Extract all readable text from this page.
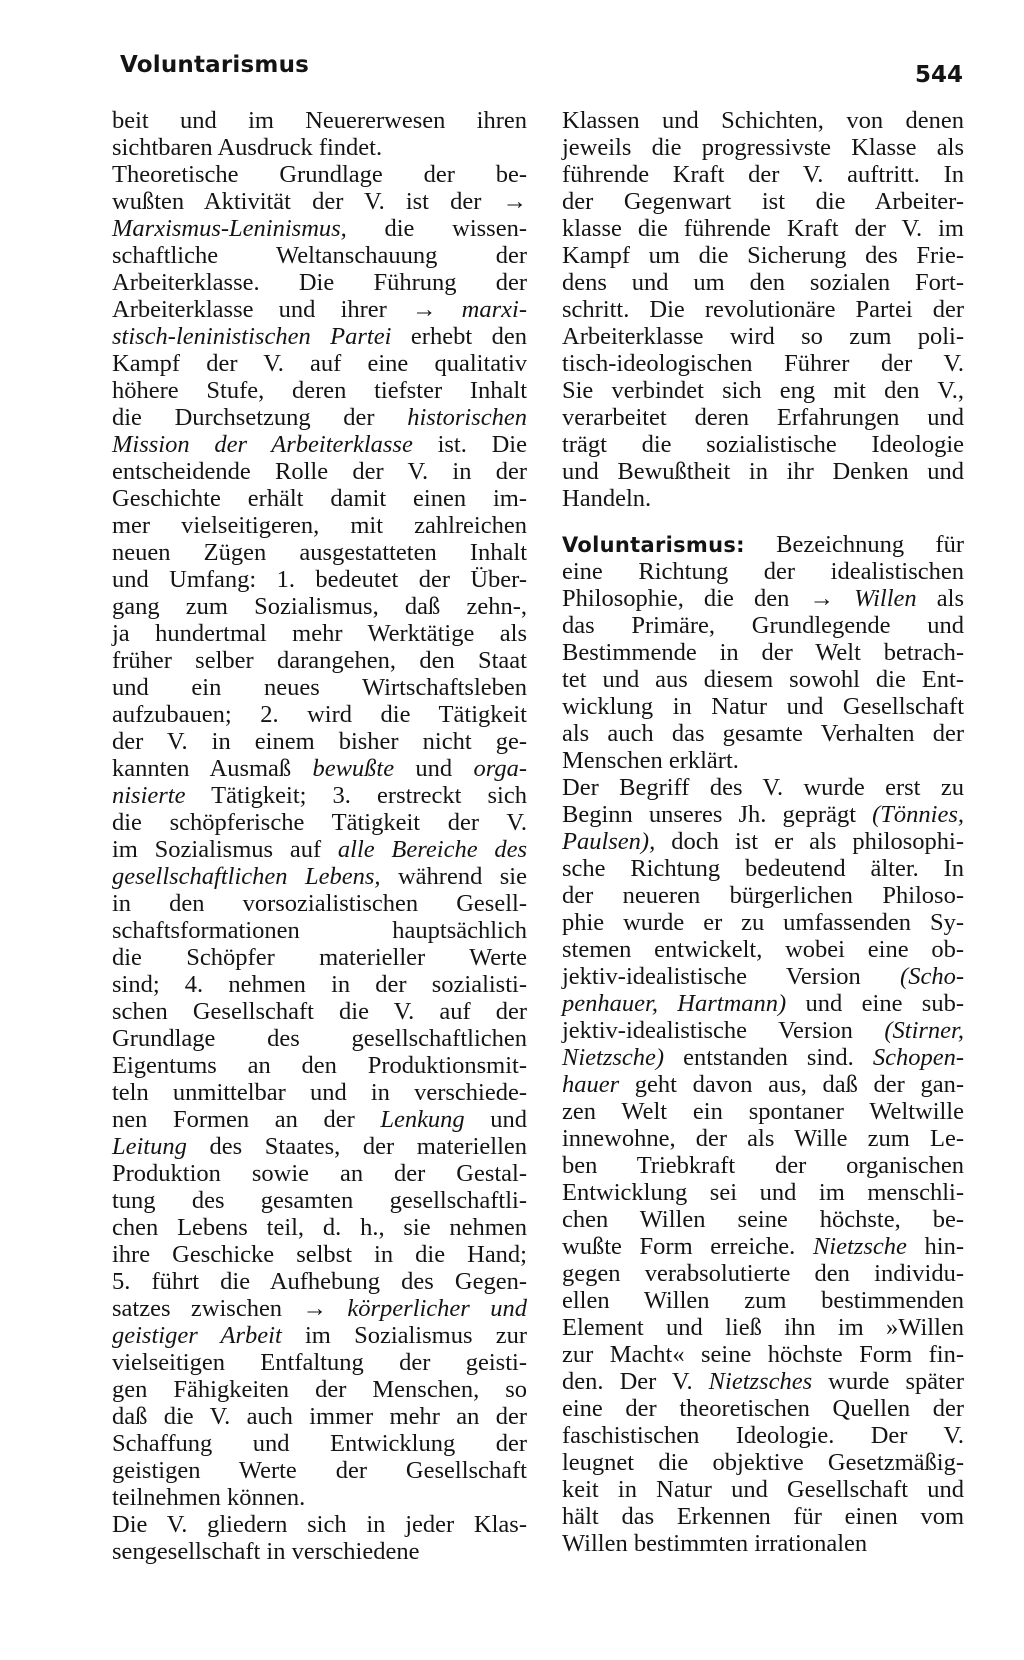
Voluntarismus	544
beit und im Neuererwesen ihren
sichtbaren Ausdruck findet.
Theoretische Grundlage der be-
wußten Aktivität der V. ist der →
Marxismus-Leninismus, die wissen-
schaftliche Weltanschauung der
Arbeiterklasse. Die Führung der
Arbeiterklasse und ihrer → marxi-
stisch-leninistischen Partei erhebt den
Kampf der V. auf eine qualitativ
höhere Stufe, deren tiefster Inhalt
die Durchsetzung der historischen
Mission der Arbeiterklasse ist. Die
entscheidende Rolle der V. in der
Geschichte erhält damit einen im-
mer vielseitigeren, mit zahlreichen
neuen Zügen ausgestatteten Inhalt
und Umfang: 1. bedeutet der Über-
gang zum Sozialismus, daß zehn-,
ja hundertmal mehr Werktätige als
früher selber darangehen, den Staat
und ein neues Wirtschaftsleben
aufzubauen; 2. wird die Tätigkeit
der V. in einem bisher nicht ge-
kannten Ausmaß bewußte und orga-
nisierte Tätigkeit; 3. erstreckt sich
die schöpferische Tätigkeit der V.
im Sozialismus auf alle Bereiche des
gesellschaftlichen Lebens, während sie
in den vorsozialistischen Gesell-
schaftsformationen hauptsächlich
die Schöpfer materieller Werte
sind; 4. nehmen in der sozialisti-
schen Gesellschaft die V. auf der
Grundlage des gesellschaftlichen
Eigentums an den Produktionsmit-
teln unmittelbar und in verschiede-
nen Formen an der Lenkung und
Leitung des Staates, der materiellen
Produktion sowie an der Gestal-
tung des gesamten gesellschaftli-
chen Lebens teil, d. h., sie nehmen
ihre Geschicke selbst in die Hand;
5. führt die Aufhebung des Gegen-
satzes zwischen → körperlicher und
geistiger Arbeit im Sozialismus zur
vielseitigen Entfaltung der geisti-
gen Fähigkeiten der Menschen, so
daß die V. auch immer mehr an der
Schaffung und Entwicklung der
geistigen Werte der Gesellschaft
teilnehmen können.
Die V. gliedern sich in jeder Klas-
sengesellschaft in verschiedene
Klassen und Schichten, von denen
jeweils die progressivste Klasse als
führende Kraft der V. auftritt. In
der Gegenwart ist die Arbeiter-
klasse die führende Kraft der V. im
Kampf um die Sicherung des Frie-
dens und um den sozialen Fort-
schritt. Die revolutionäre Partei der
Arbeiterklasse wird so zum poli-
tisch-ideologischen Führer der V.
Sie verbindet sich eng mit den V.,
verarbeitet deren Erfahrungen und
trägt die sozialistische Ideologie
und Bewußtheit in ihr Denken und
Handeln.
Voluntarismus: Bezeichnung für
eine Richtung der idealistischen
Philosophie, die den → Willen als
das Primäre, Grundlegende und
Bestimmende in der Welt betrach-
tet und aus diesem sowohl die Ent-
wicklung in Natur und Gesellschaft
als auch das gesamte Verhalten der
Menschen erklärt.
Der Begriff des V. wurde erst zu
Beginn unseres Jh. geprägt (Tönnies,
Paulsen), doch ist er als philosophi-
sche Richtung bedeutend älter. In
der neueren bürgerlichen Philoso-
phie wurde er zu umfassenden Sy-
stemen entwickelt, wobei eine ob-
jektiv-idealistische Version (Scho-
penhauer, Hartmann) und eine sub-
jektiv-idealistische Version (Stirner,
Nietzsche) entstanden sind. Schopen-
hauer geht davon aus, daß der gan-
zen Welt ein spontaner Weltwille
innewohne, der als Wille zum Le-
ben Triebkraft der organischen
Entwicklung sei und im menschli-
chen Willen seine höchste, be-
wußte Form erreiche. Nietzsche hin-
gegen verabsolutierte den individu-
ellen Willen zum bestimmenden
Element und ließ ihn im »Willen
zur Macht« seine höchste Form fin-
den. Der V. Nietzsches wurde später
eine der theoretischen Quellen der
faschistischen Ideologie. Der V.
leugnet die objektive Gesetzmäßig-
keit in Natur und Gesellschaft und
hält das Erkennen für einen vom
Willen bestimmten irrationalen
